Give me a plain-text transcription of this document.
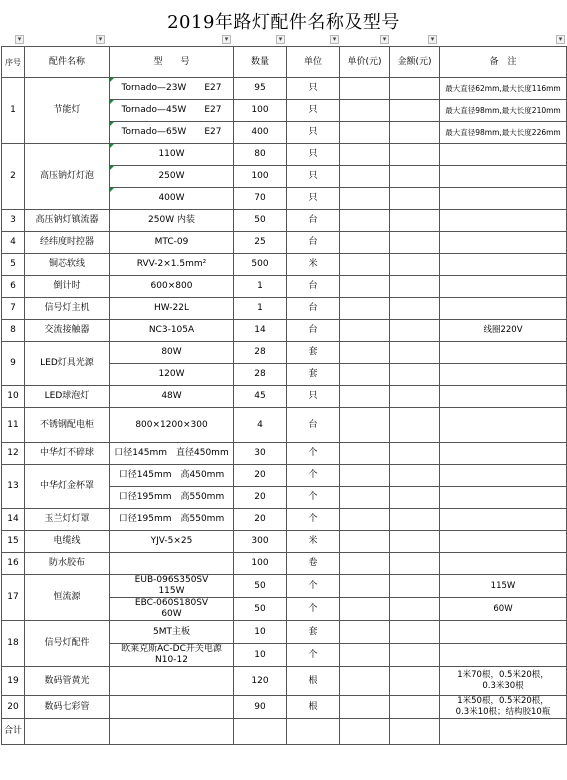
2019年路灯配件名称及型号
▾	▾	▾	▾	▾	▾	▾	▾
序号	配件名称	型　　号	数量	单位	单价(元)	金额(元)	备　注
1	节能灯	Tornado—23W　　E27	95	只			最大直径62mm,最大长度116mm

Tornado—45W　　E27	100	只			最大直径98mm,最大长度210mm

Tornado—65W　　E27	400	只			最大直径98mm,最大长度226mm
2	高压钠灯灯泡	110W	80	只			

250W	100	只			

400W	70	只			
3	高压钠灯镇流器	250W 内装	50	台			
4	经纬度时控器	MTC-09	25	台			
5	铜芯软线	RVV-2×1.5mm²	500	米			
6	倒计时	600×800	1	台			
7	信号灯主机	HW-22L	1	台			
8	交流接触器	NC3-105A	14	台			线圈220V
9	LED灯具光源	80W	28	套			
		120W	28	套			
10	LED球泡灯	48W	45	只			
11	不锈钢配电柜	800×1200×300	4	台			
12	中华灯不碎球	口径145mm　直径450mm	30	个			
13	中华灯金杯罩	口径145mm　高450mm	20	个			
		口径195mm　高550mm	20	个			
14	玉兰灯灯罩	口径195mm　高550mm	20	个			
15	电缆线	YJV-5×25	300	米			
16	防水胶布		100	卷			
17	恒流源	EUB-096S350SV
115W	50	个			115W
		EBC-060S180SV
60W	50	个			60W
18	信号灯配件	5MT主板	10	套			
		欧莱克斯AC-DC开关电源
N10-12	10	个			
19	数码管黄光		120	根			1米70根，0.5米20根，
0.3米30根
20	数码七彩管		90	根			1米50根，0.5米20根，
0.3米10根；结构胶10瓶
合计							
